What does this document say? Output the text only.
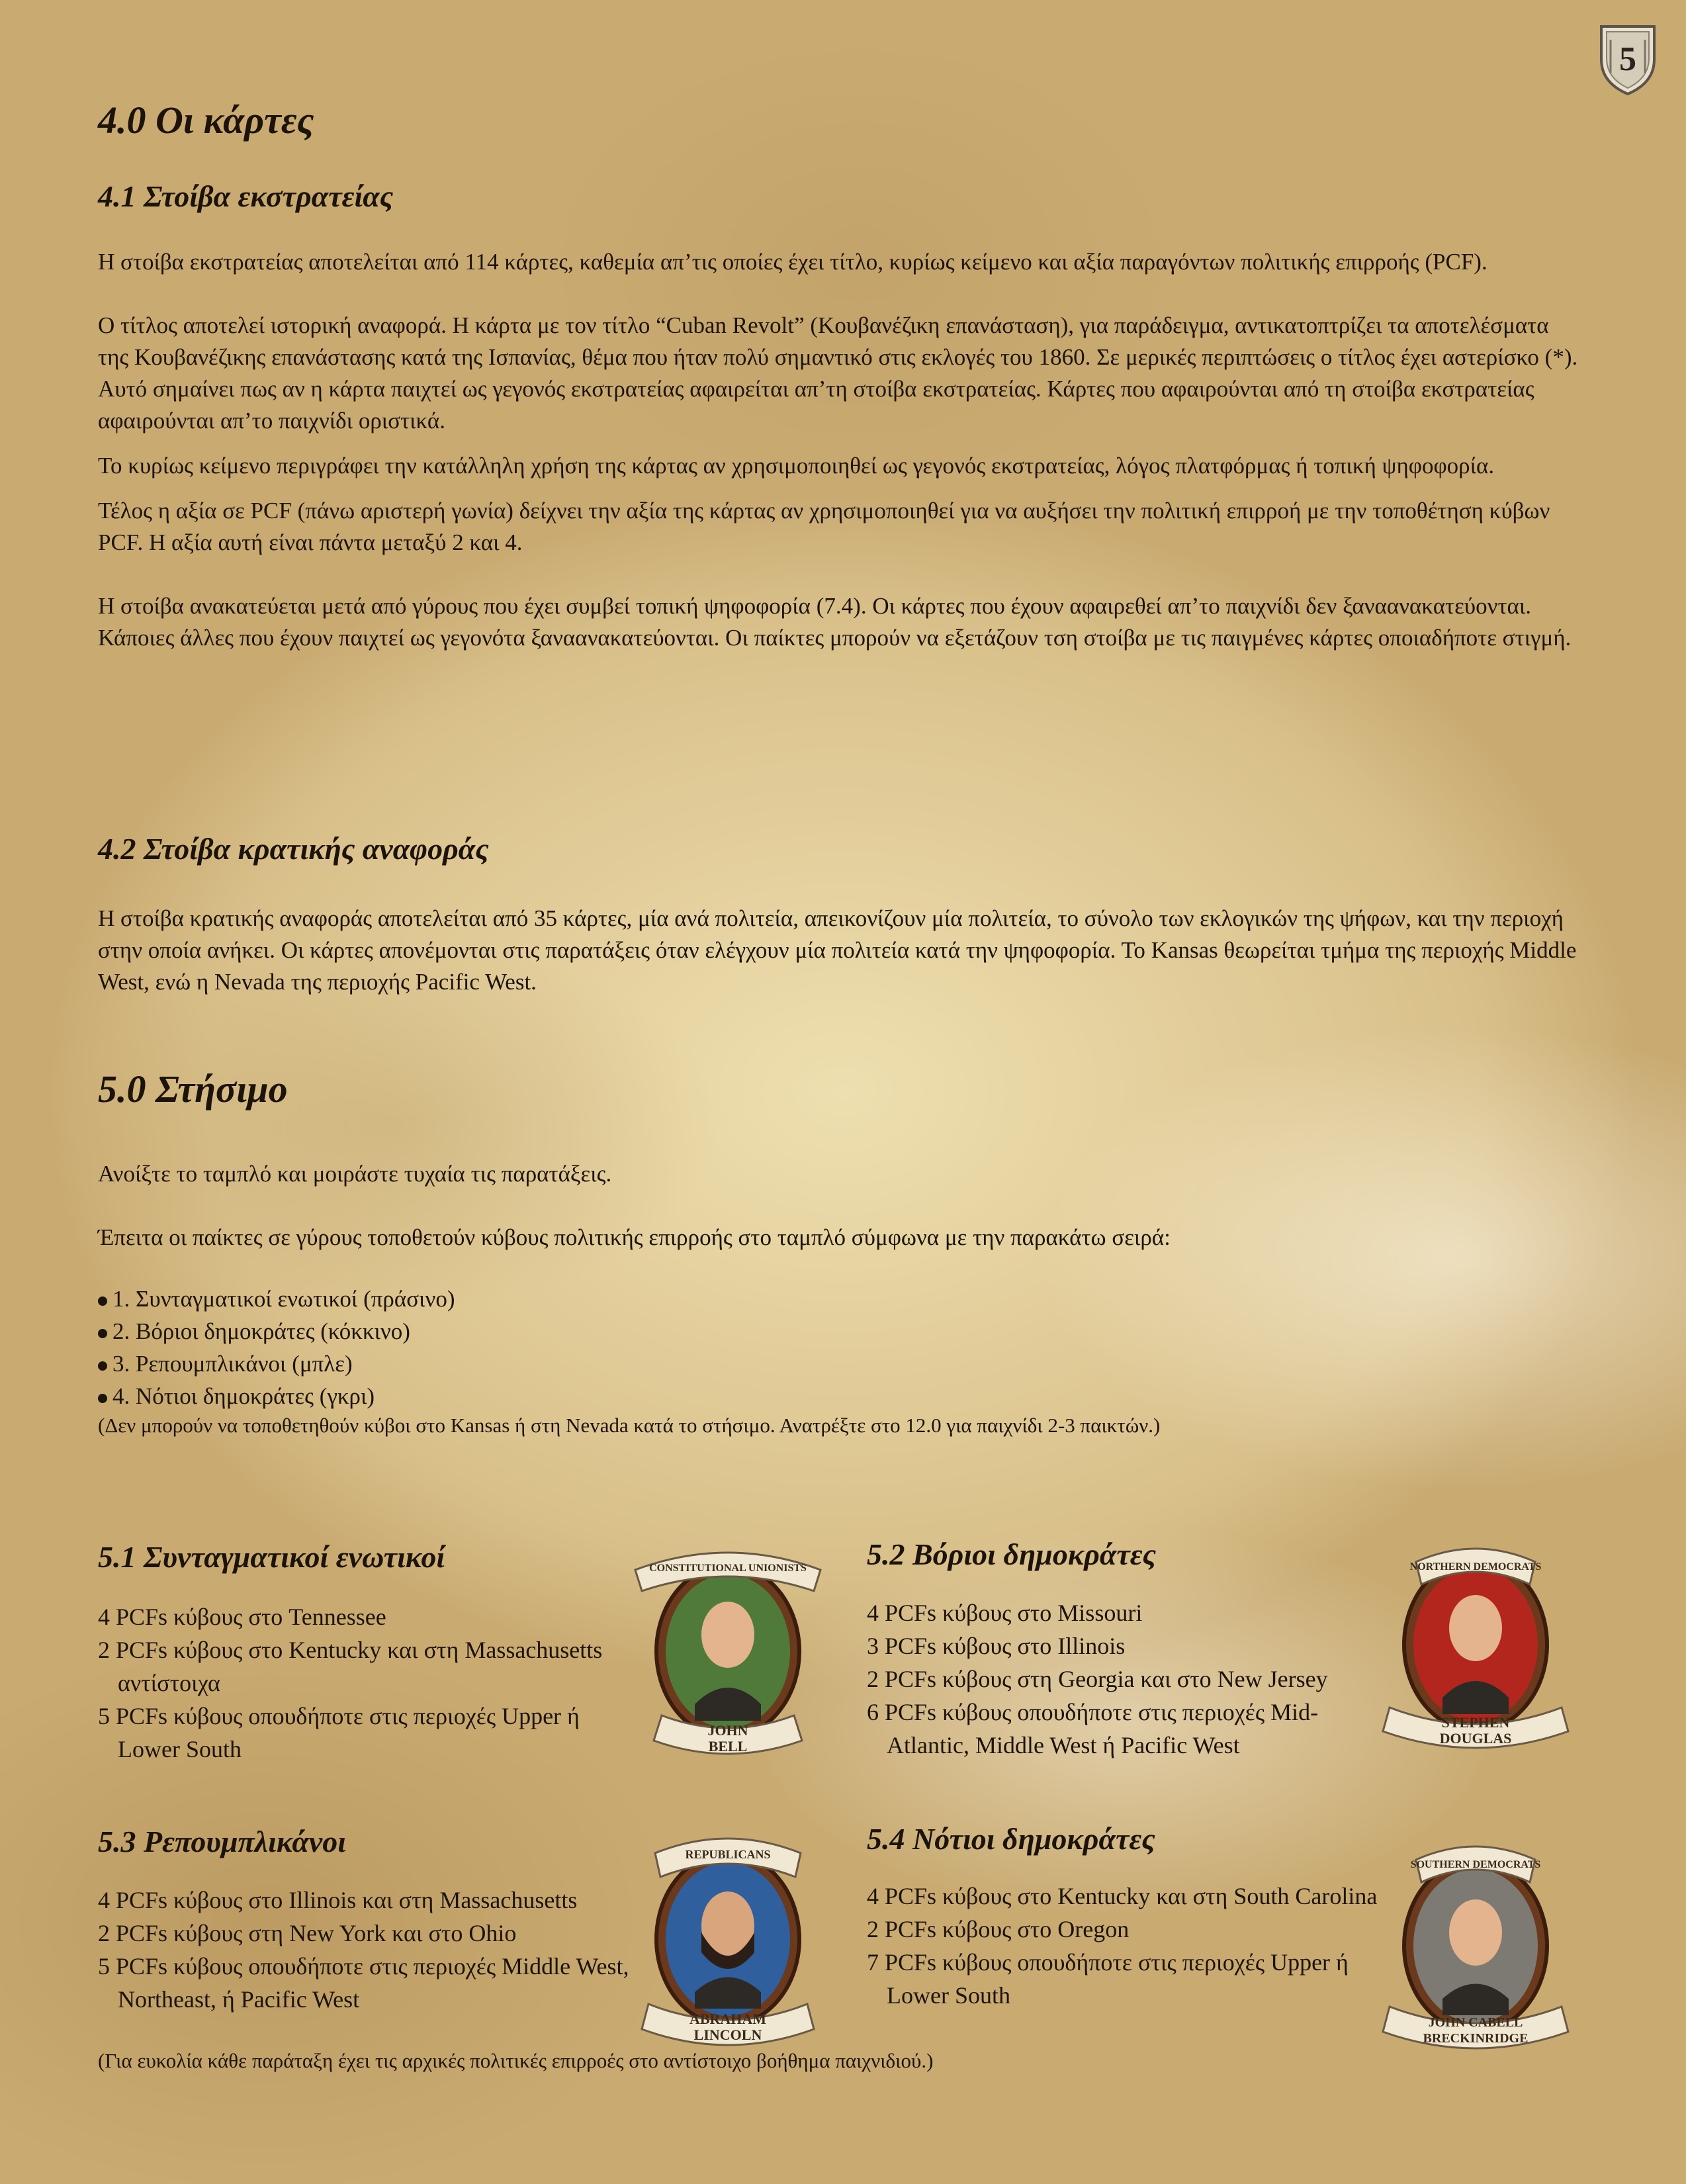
5
4.0 Οι κάρτες
4.1 Στοίβα εκστρατείας

Η στοίβα εκστρατείας αποτελείται από 114 κάρτες, καθεμία απ’τις οποίες έχει τίτλο, κυρίως κείμενο και αξία παραγόντων πολιτικής επιρροής (PCF).

Ο τίτλος αποτελεί ιστορική αναφορά. Η κάρτα με τον τίτλο “Cuban Revolt” (Κουβανέζικη επανάσταση), για παράδειγμα, αντικατοπτρίζει τα αποτελέσματα της Κουβανέζικης επανάστασης κατά της Ισπανίας, θέμα που ήταν πολύ σημαντικό στις εκλογές του 1860. Σε μερικές περιπτώσεις ο τίτλος έχει αστερίσκο (*). Αυτό σημαίνει πως αν η κάρτα παιχτεί ως γεγονός εκστρατείας αφαιρείται απ’τη στοίβα εκστρατείας. Κάρτες που αφαιρούνται από τη στοίβα εκστρατείας αφαιρούνται απ’το παιχνίδι οριστικά.

Το κυρίως κείμενο περιγράφει την κατάλληλη χρήση της κάρτας αν χρησιμοποιηθεί ως γεγονός εκστρατείας, λόγος πλατφόρμας ή τοπική ψηφοφορία.

Τέλος η αξία σε PCF (πάνω αριστερή γωνία) δείχνει την αξία της κάρτας αν χρησιμοποιηθεί για να αυξήσει την πολιτική επιρροή με την τοποθέτηση κύβων PCF. Η αξία αυτή είναι πάντα μεταξύ 2 και 4.

Η στοίβα ανακατεύεται μετά από γύρους που έχει συμβεί τοπική ψηφοφορία (7.4). Οι κάρτες που έχουν αφαιρεθεί απ’το παιχνίδι δεν ξαναανακατεύονται. Κάποιες άλλες που έχουν παιχτεί ως γεγονότα ξαναανακατεύονται. Οι παίκτες μπορούν να εξετάζουν τση στοίβα με τις παιγμένες κάρτες οποιαδήποτε στιγμή.

4.2 Στοίβα κρατικής αναφοράς

Η στοίβα κρατικής αναφοράς αποτελείται από 35 κάρτες, μία ανά πολιτεία, απεικονίζουν μία πολιτεία, το σύνολο των εκλογικών της ψήφων, και την περιοχή στην οποία ανήκει. Οι κάρτες απονέμονται στις παρατάξεις όταν ελέγχουν μία πολιτεία κατά την ψηφοφορία. Το Kansas θεωρείται τμήμα της περιοχής Middle West, ενώ η Nevada της περιοχής Pacific West.

5.0 Στήσιμο

Ανοίξτε το ταμπλό και μοιράστε τυχαία τις παρατάξεις.

Έπειτα οι παίκτες σε γύρους τοποθετούν κύβους πολιτικής επιρροής στο ταμπλό σύμφωνα με την παρακάτω σειρά:

1. Συνταγματικοί ενωτικοί (πράσινο)
2. Βόριοι δημοκράτες (κόκκινο)
3. Ρεπουμπλικάνοι (μπλε)
4. Νότιοι δημοκράτες (γκρι)
(Δεν μπορούν να τοποθετηθούν κύβοι στο Kansas ή στη Nevada κατά το στήσιμο. Ανατρέξτε στο 12.0 για παιχνίδι 2-3 παικτών.)
5.1 Συνταγματικοί ενωτικοί
4 PCFs κύβους στο Tennessee
2 PCFs κύβους στο Kentucky και στη Massachusetts αντίστοιχα
5 PCFs κύβους οπουδήποτε στις περιοχές Upper ή Lower South
5.2 Βόριοι δημοκράτες
4 PCFs κύβους στο Missouri
3 PCFs κύβους στο Illinois
2 PCFs κύβους στη Georgia και στο New Jersey
6 PCFs κύβους οπουδήποτε στις περιοχές Mid-Atlantic, Middle West ή Pacific West
5.3 Ρεπουμπλικάνοι
4 PCFs κύβους στο Illinois και στη Massachusetts
2 PCFs κύβους στη New York και στο Ohio
5 PCFs κύβους οπουδήποτε στις περιοχές Middle West, Northeast, ή Pacific West
5.4 Νότιοι δημοκράτες
4 PCFs κύβους στο Kentucky και στη South Carolina
2 PCFs κύβους στο Oregon
7 PCFs κύβους οπουδήποτε στις περιοχές Upper ή Lower South
(Για ευκολία κάθε παράταξη έχει τις αρχικές πολιτικές επιρροές στο αντίστοιχο βοήθημα παιχνιδιού.)
CONSTITUTIONAL UNIONISTS
JOHN
BELL
NORTHERN DEMOCRATS
STEPHEN
DOUGLAS
REPUBLICANS
ABRAHAM
LINCOLN
SOUTHERN DEMOCRATS
JOHN CABELL
BRECKINRIDGE
